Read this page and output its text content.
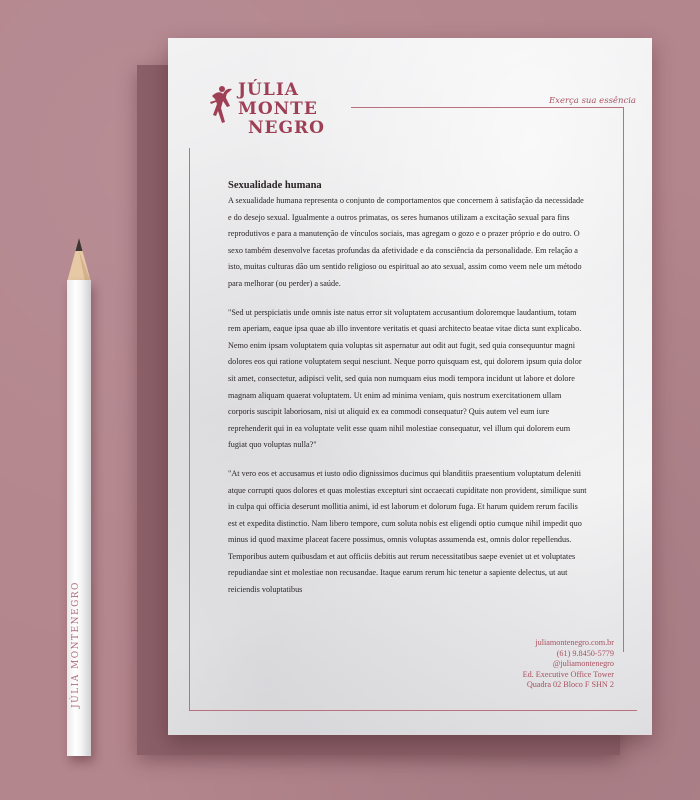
JÚLIA
MONTE
NEGRO
Exerça sua essência
Sexualidade humana

A sexualidade humana representa o conjunto de comportamentos que concernem à satisfação da necessidade e do desejo sexual. Igualmente a outros primatas, os seres humanos utilizam a excitação sexual para fins reprodutivos e para a manutenção de vínculos sociais, mas agregam o gozo e o prazer próprio e do outro. O sexo também desenvolve facetas profundas da afetividade e da consciência da personalidade. Em relação a isto, muitas culturas dão um sentido religioso ou espiritual ao ato sexual, assim como veem nele um método para melhorar (ou perder) a saúde.

"Sed ut perspiciatis unde omnis iste natus error sit voluptatem accusantium doloremque laudantium, totam rem aperiam, eaque ipsa quae ab illo inventore veritatis et quasi architecto beatae vitae dicta sunt explicabo. Nemo enim ipsam voluptatem quia voluptas sit aspernatur aut odit aut fugit, sed quia consequuntur magni dolores eos qui ratione voluptatem sequi nesciunt. Neque porro quisquam est, qui dolorem ipsum quia dolor sit amet, consectetur, adipisci velit, sed quia non numquam eius modi tempora incidunt ut labore et dolore magnam aliquam quaerat voluptatem. Ut enim ad minima veniam, quis nostrum exercitationem ullam corporis suscipit laboriosam, nisi ut aliquid ex ea commodi consequatur? Quis autem vel eum iure reprehenderit qui in ea voluptate velit esse quam nihil molestiae consequatur, vel illum qui dolorem eum fugiat quo voluptas nulla?"

"At vero eos et accusamus et iusto odio dignissimos ducimus qui blanditiis praesentium voluptatum deleniti atque corrupti quos dolores et quas molestias excepturi sint occaecati cupiditate non provident, similique sunt in culpa qui officia deserunt mollitia animi, id est laborum et dolorum fuga. Et harum quidem rerum facilis est et expedita distinctio. Nam libero tempore, cum soluta nobis est eligendi optio cumque nihil impedit quo minus id quod maxime placeat facere possimus, omnis voluptas assumenda est, omnis dolor repellendus. Temporibus autem quibusdam et aut officiis debitis aut rerum necessitatibus saepe eveniet ut et voluptates repudiandae sint et molestiae non recusandae. Itaque earum rerum hic tenetur a sapiente delectus, ut aut reiciendis voluptatibus

juliamontenegro.com.br
(61) 9.8450-5779
@juliamontenegro
Ed. Executive Office Tower
Quadra 02 Bloco F SHN 2
JÚLIA MONTENEGRO
